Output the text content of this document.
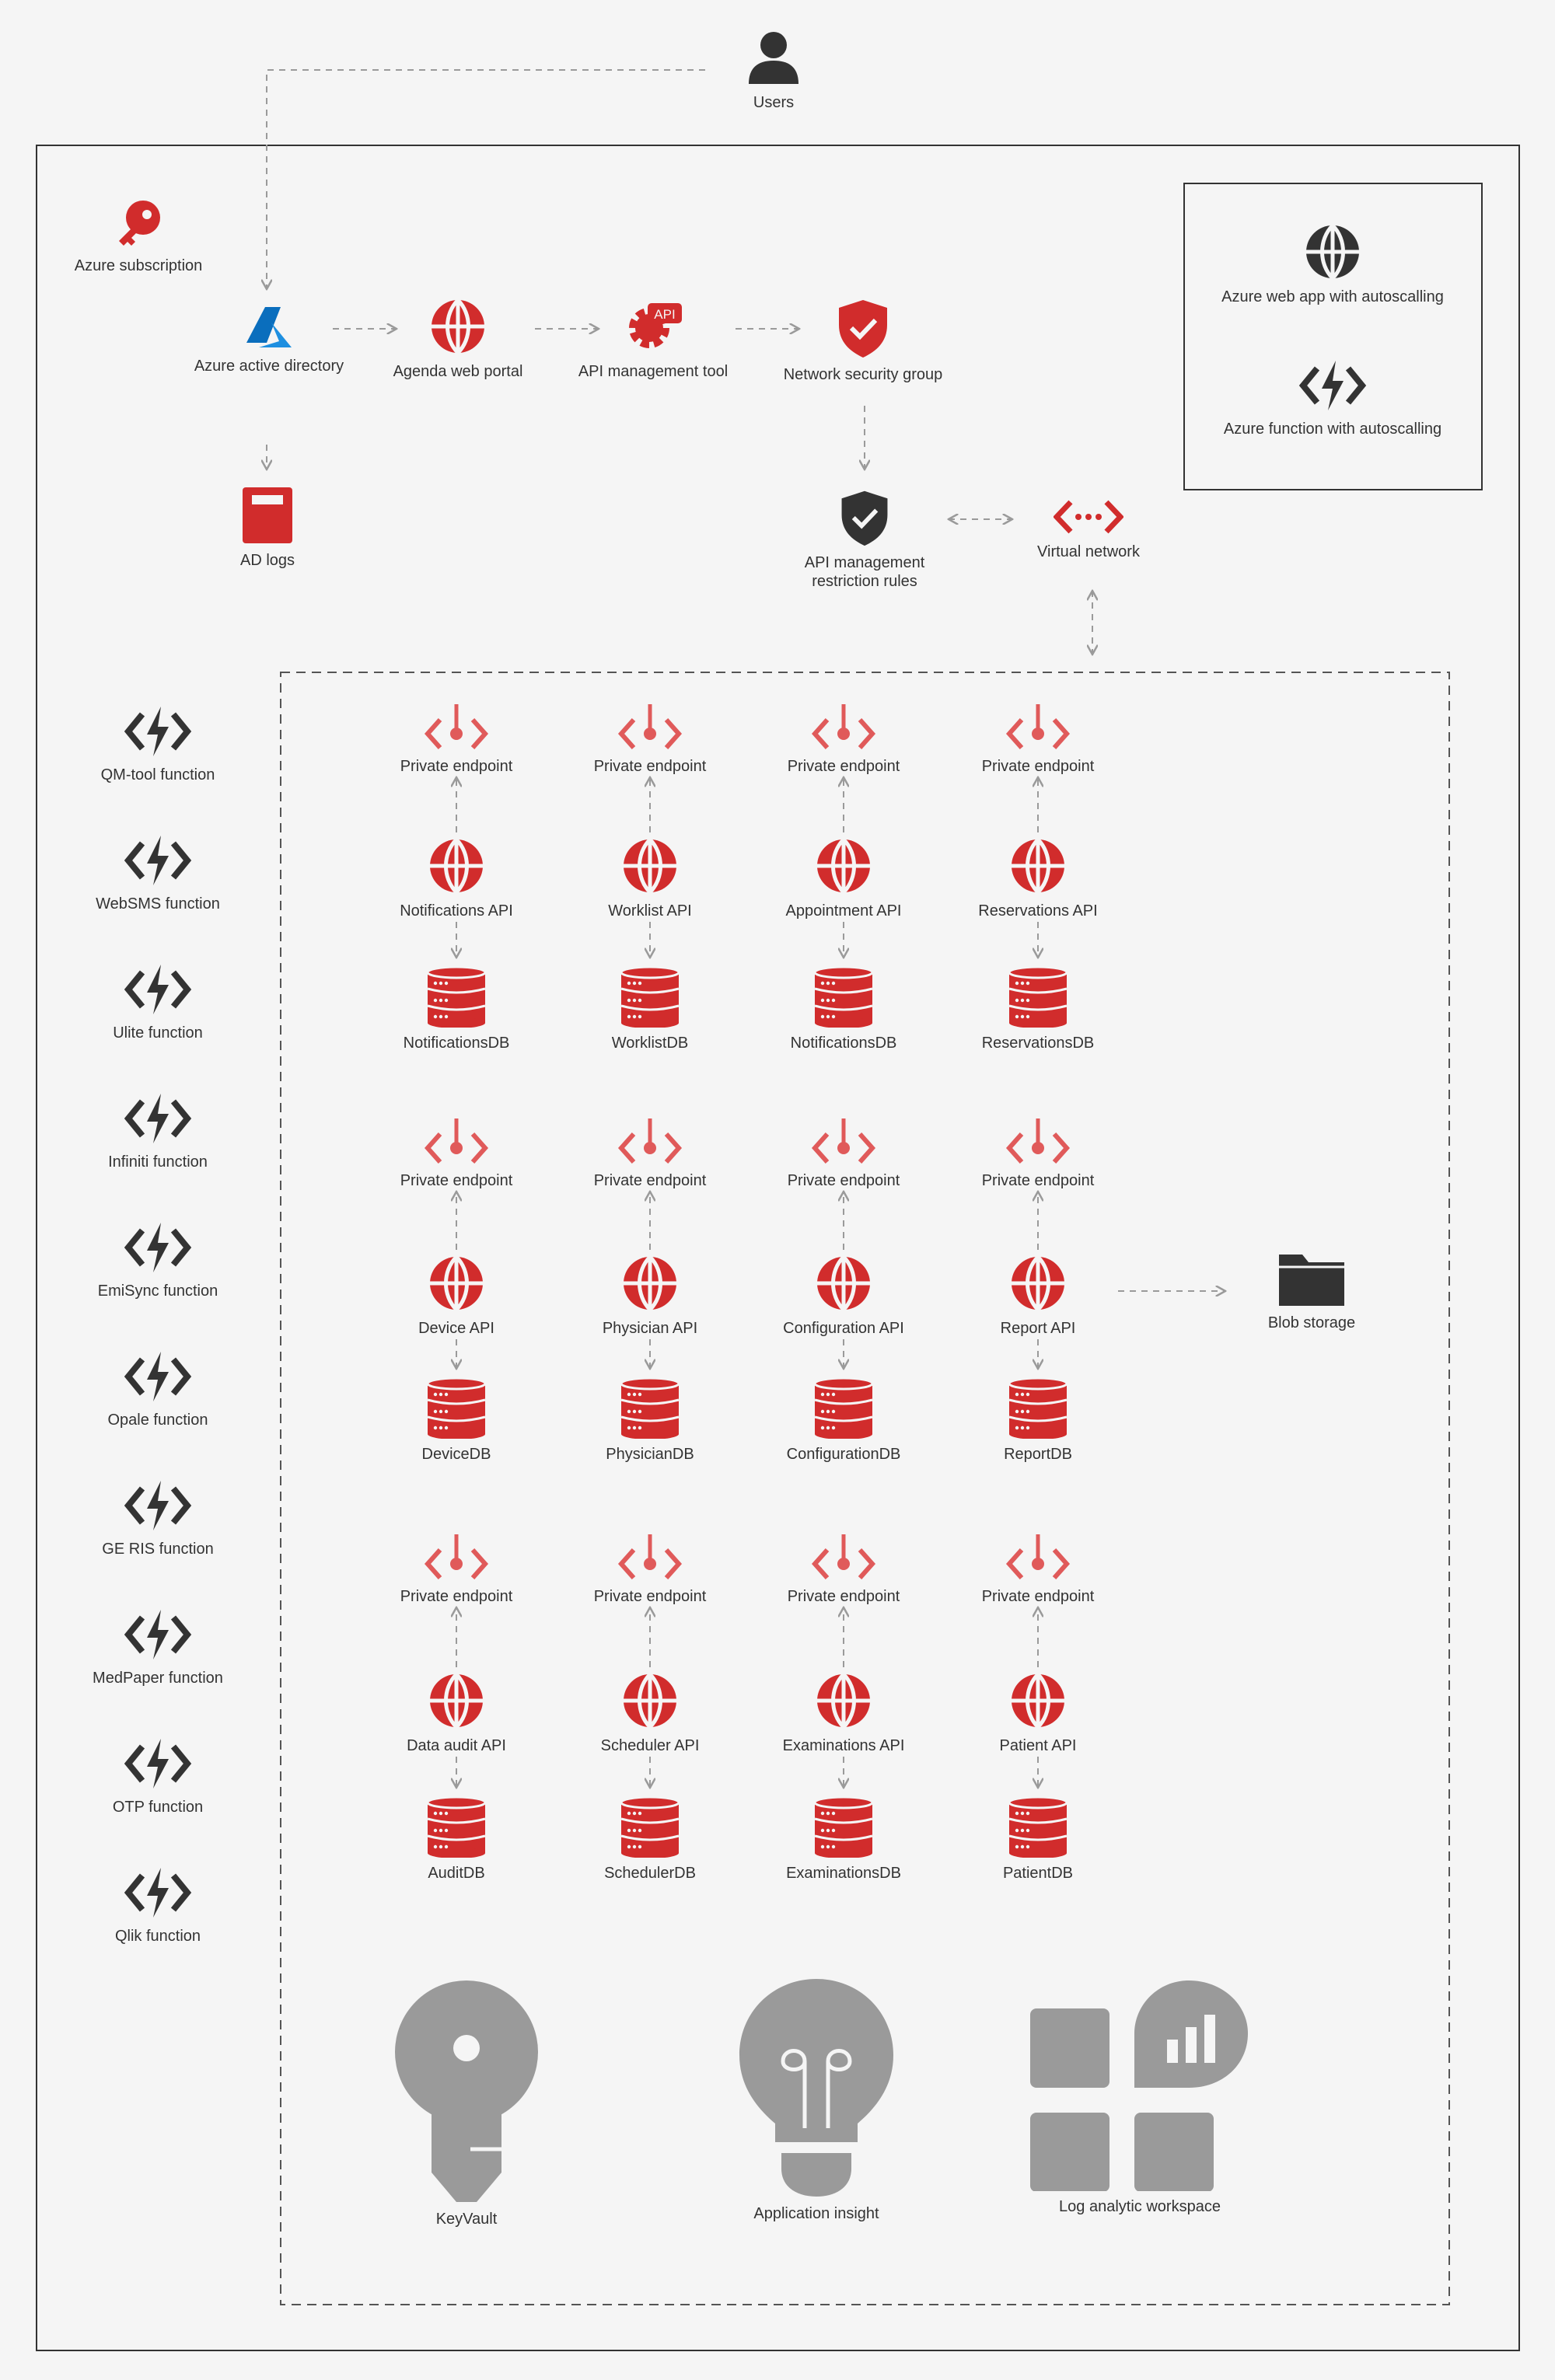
Users
Azure subscription
Azure active directory	Agenda web portal
API
API management tool	Network security group
AD logs	API management
restriction rules
Virtual network
Azure web app with autoscalling
Azure function with autoscalling
Blob storage
KeyVault	Application insight	Log analytic workspace
QM-tool function
WebSMS function
Ulite function
Infiniti function
EmiSync function
Opale function
GE RIS function
MedPaper function
OTP function
Qlik function
Private endpoint
Notifications API
NotificationsDB
Private endpoint
Worklist API
WorklistDB
Private endpoint
Appointment API
NotificationsDB
Private endpoint
Reservations API
ReservationsDB
Private endpoint
Device API
DeviceDB
Private endpoint
Physician API
PhysicianDB
Private endpoint
Configuration API
ConfigurationDB
Private endpoint
Report API
ReportDB
Private endpoint
Data audit API
AuditDB
Private endpoint
Scheduler API
SchedulerDB
Private endpoint
Examinations API
ExaminationsDB
Private endpoint
Patient API
PatientDB
